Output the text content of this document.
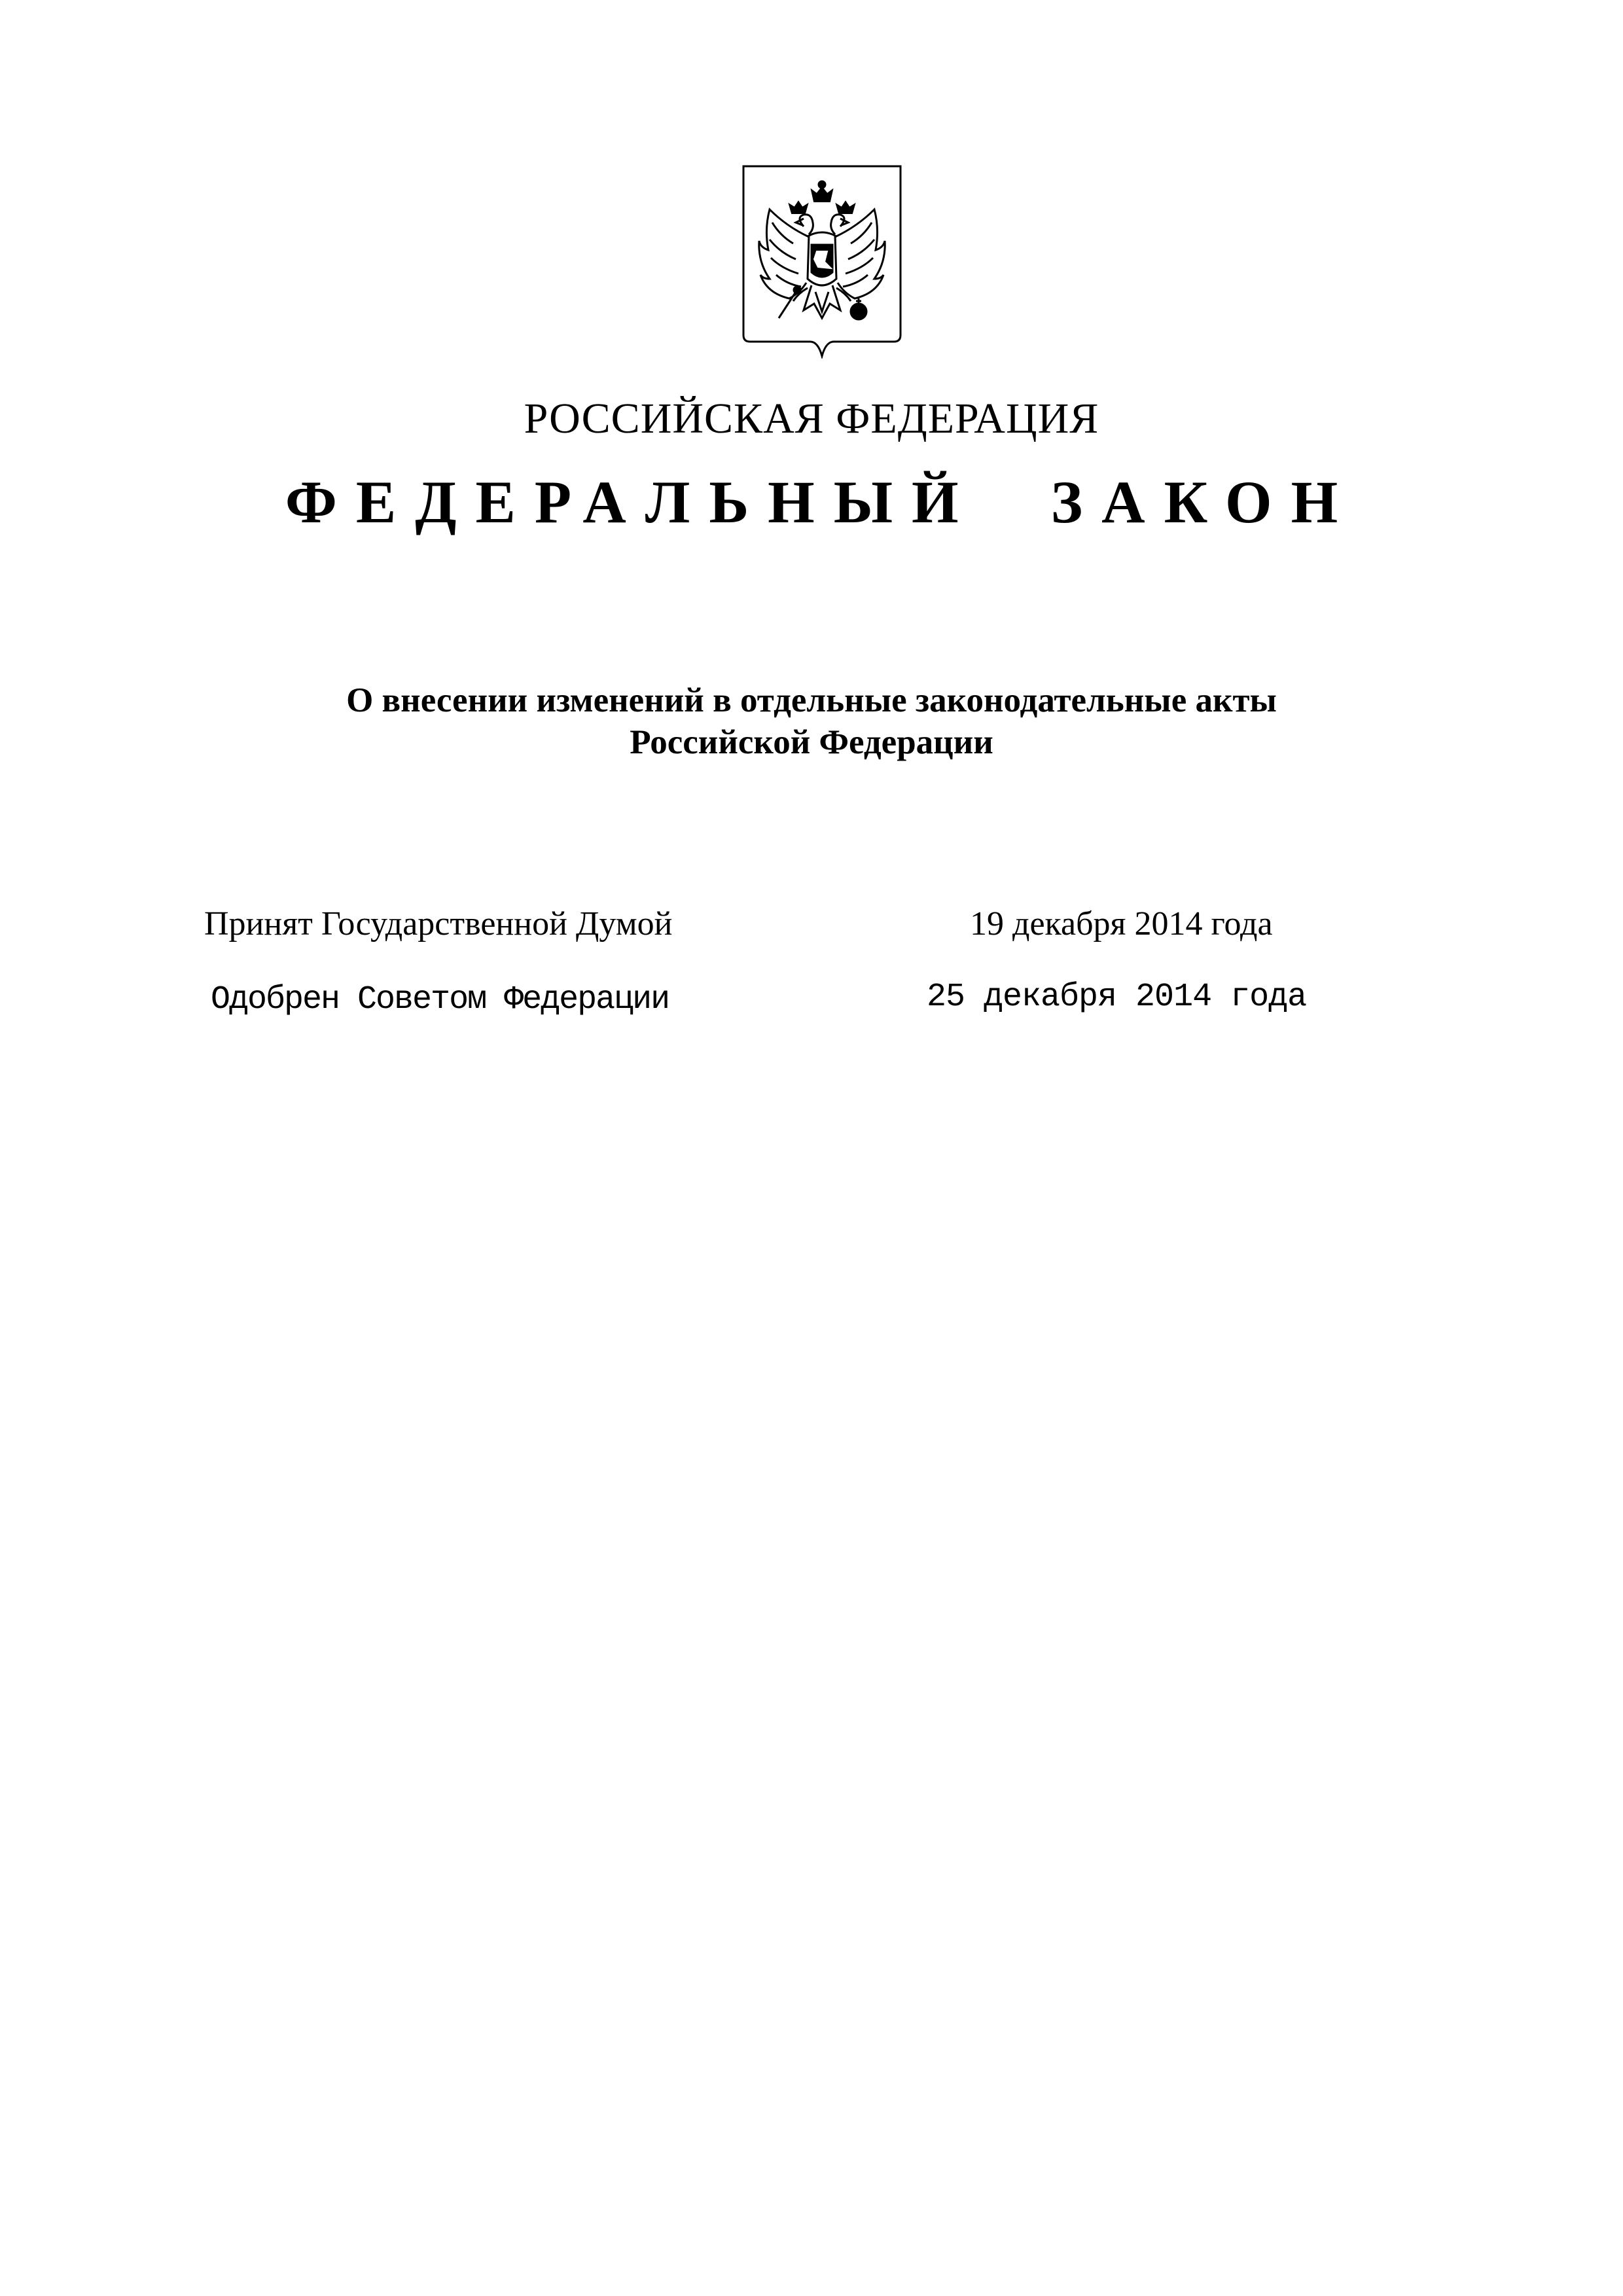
РОССИЙСКАЯ ФЕДЕРАЦИЯ
ФЕДЕРАЛЬНЫЙ ЗАКОН
О внесении изменений в отдельные законодательные акты
Российской Федерации
Принят Государственной Думой	19 декабря 2014 года
Одобрен Советом Федерации	25 декабря 2014 года
